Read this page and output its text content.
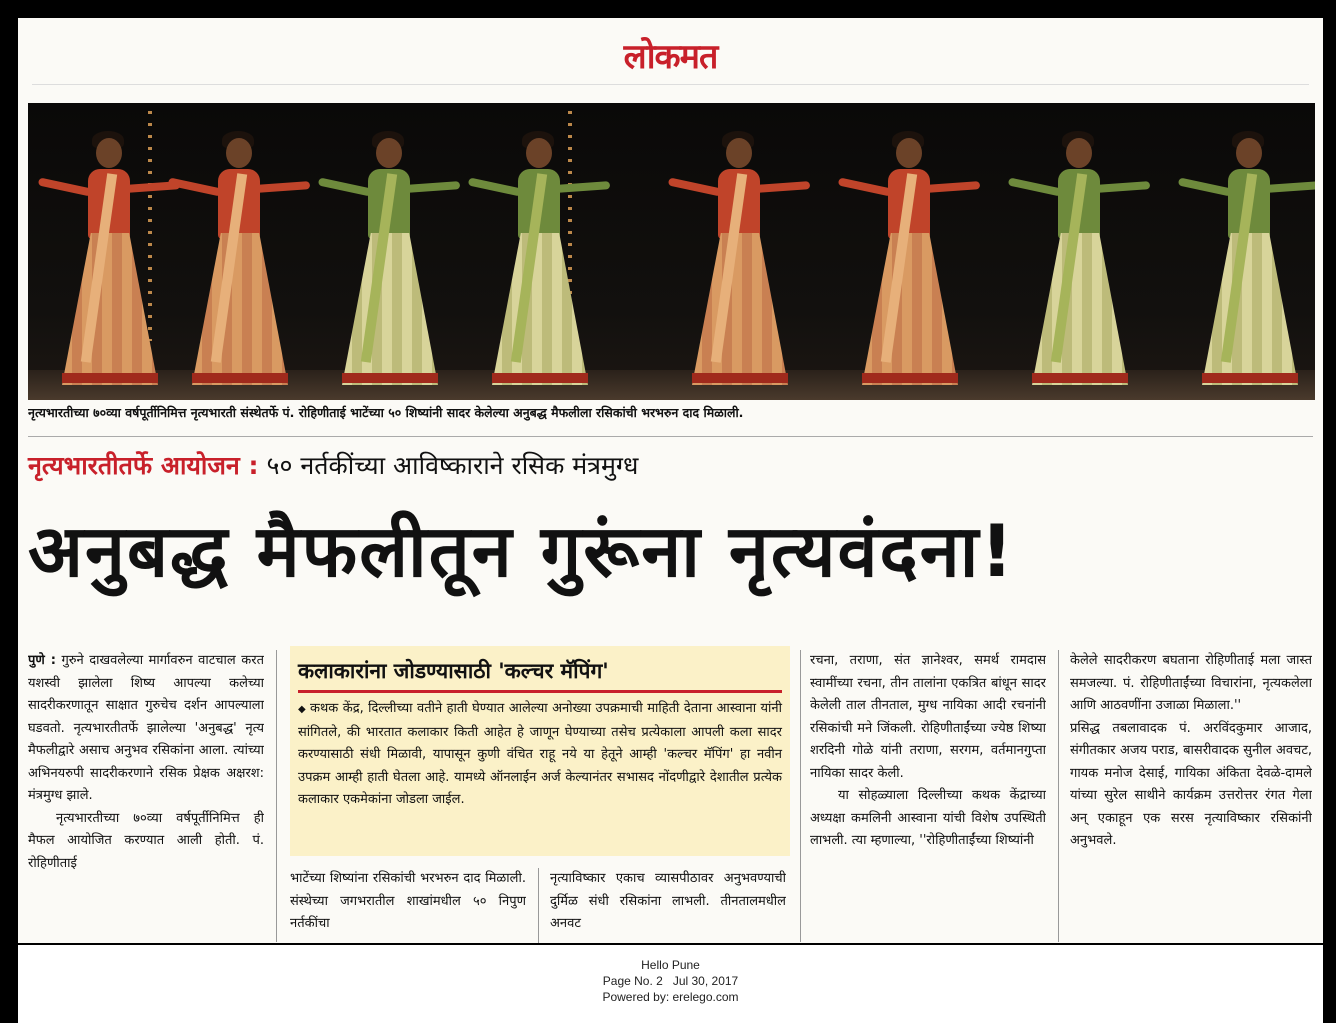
लोकमत
नृत्यभारतीच्या ७०व्या वर्षपूर्तीनिमित्त नृत्यभारती संस्थेतर्फे पं. रोहिणीताई भाटेंच्या ५० शिष्यांनी सादर केलेल्या अनुबद्ध मैफलीला रसिकांची भरभरुन दाद मिळाली.
नृत्यभारतीतर्फे आयोजन : ५० नर्तकींच्या आविष्काराने रसिक मंत्रमुग्ध
अनुबद्ध मैफलीतून गुरूंना नृत्यवंदना!

पुणे : गुरुने दाखवलेल्या मार्गावरुन वाटचाल करत यशस्वी झालेला शिष्य आपल्या कलेच्या सादरीकरणातून साक्षात गुरुचेच दर्शन आपल्याला घडवतो. नृत्यभारतीतर्फे झालेल्या 'अनुबद्ध' नृत्य मैफलीद्वारे असाच अनुभव रसिकांना आला. त्यांच्या अभिनयरुपी सादरीकरणाने रसिक प्रेक्षक अक्षरश: मंत्रमुग्ध झाले.

नृत्यभारतीच्या ७०व्या वर्षपूर्तीनिमित्त ही मैफल आयोजित करण्यात आली होती. पं. रोहिणीताई

कलाकारांना जोडण्यासाठी 'कल्चर मॅपिंग'
◆ कथक केंद्र, दिल्लीच्या वतीने हाती घेण्यात आलेल्या अनोख्या उपक्रमाची माहिती देताना आस्वाना यांनी सांगितले, की भारतात कलाकार किती आहेत हे जाणून घेण्याच्या तसेच प्रत्येकाला आपली कला सादर करण्यासाठी संधी मिळावी, यापासून कुणी वंचित राहू नये या हेतूने आम्ही 'कल्चर मॅपिंग' हा नवीन उपक्रम आम्ही हाती घेतला आहे. यामध्ये ऑनलाईन अर्ज केल्यानंतर सभासद नोंदणीद्वारे देशातील प्रत्येक कलाकार एकमेकांना जोडला जाईल.
भाटेंच्या शिष्यांना रसिकांची भरभरुन दाद मिळाली. संस्थेच्या जगभरातील शाखांमधील ५० निपुण नर्तकींचा
नृत्याविष्कार एकाच व्यासपीठावर अनुभवण्याची दुर्मिळ संधी रसिकांना लाभली. तीनतालमधील अनवट

रचना, तराणा, संत ज्ञानेश्वर, समर्थ रामदास स्वामींच्या रचना, तीन तालांना एकत्रित बांधून सादर केलेली ताल तीनताल, मुग्ध नायिका आदी रचनांनी रसिकांची मने जिंकली. रोहिणीताईंच्या ज्येष्ठ शिष्या शरदिनी गोळे यांनी तराणा, सरगम, वर्तमानगुप्ता नायिका सादर केली.

या सोहळ्याला दिल्लीच्या कथक केंद्राच्या अध्यक्षा कमलिनी आस्वाना यांची विशेष उपस्थिती लाभली. त्या म्हणाल्या, ''रोहिणीताईंच्या शिष्यांनी

केलेले सादरीकरण बघताना रोहिणीताई मला जास्त समजल्या. पं. रोहिणीताईंच्या विचारांना, नृत्यकलेला आणि आठवणींना उजाळा मिळाला.''

प्रसिद्ध तबलावादक पं. अरविंदकुमार आजाद, संगीतकार अजय पराड, बासरीवादक सुनील अवचट, गायक मनोज देसाई, गायिका अंकिता देवळे-दामले यांच्या सुरेल साथीने कार्यक्रम उत्तरोत्तर रंगत गेला अन् एकाहून एक सरस नृत्याविष्कार रसिकांनी अनुभवले.

Hello Pune
Page No. 2   Jul 30, 2017
Powered by: erelego.com
